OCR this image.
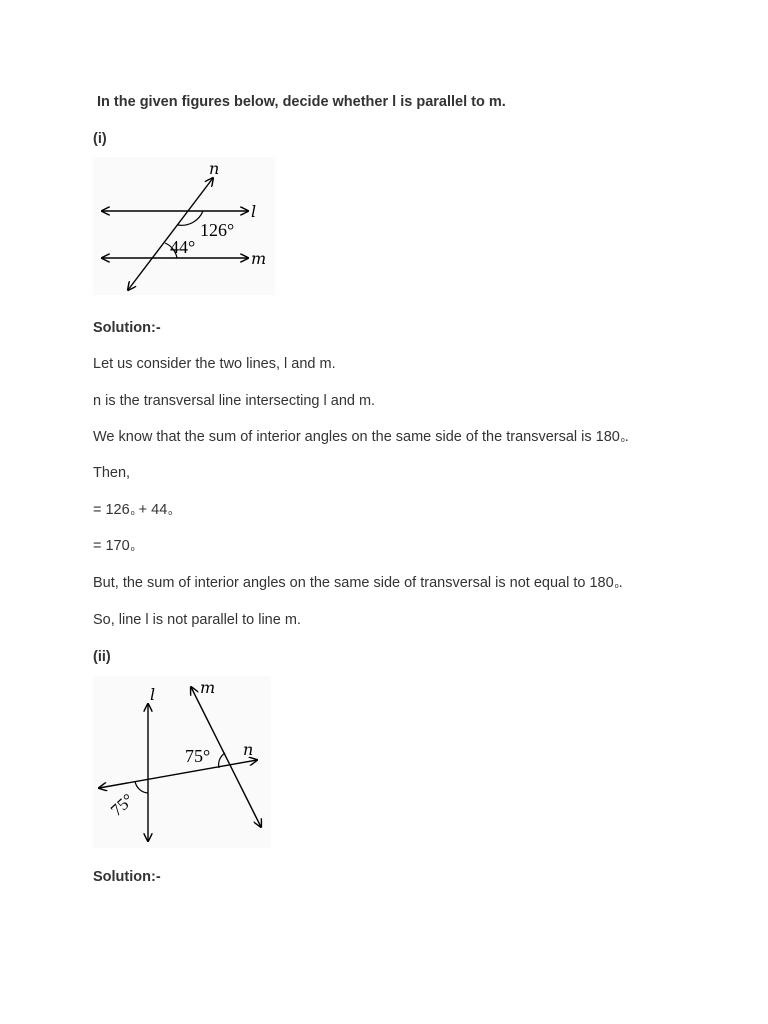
In the given figures below, decide whether l is parallel to m.
(i)
n
l
m
126°
44°
Solution:-
Let us consider the two lines, l and m.
n is the transversal line intersecting l and m.
We know that the sum of interior angles on the same side of the transversal is 180o.
Then,
= 126o + 44o
= 170o
But, the sum of interior angles on the same side of transversal is not equal to 180o.
So, line l is not parallel to line m.
(ii)
l	m
n
75°
75°
Solution:-
